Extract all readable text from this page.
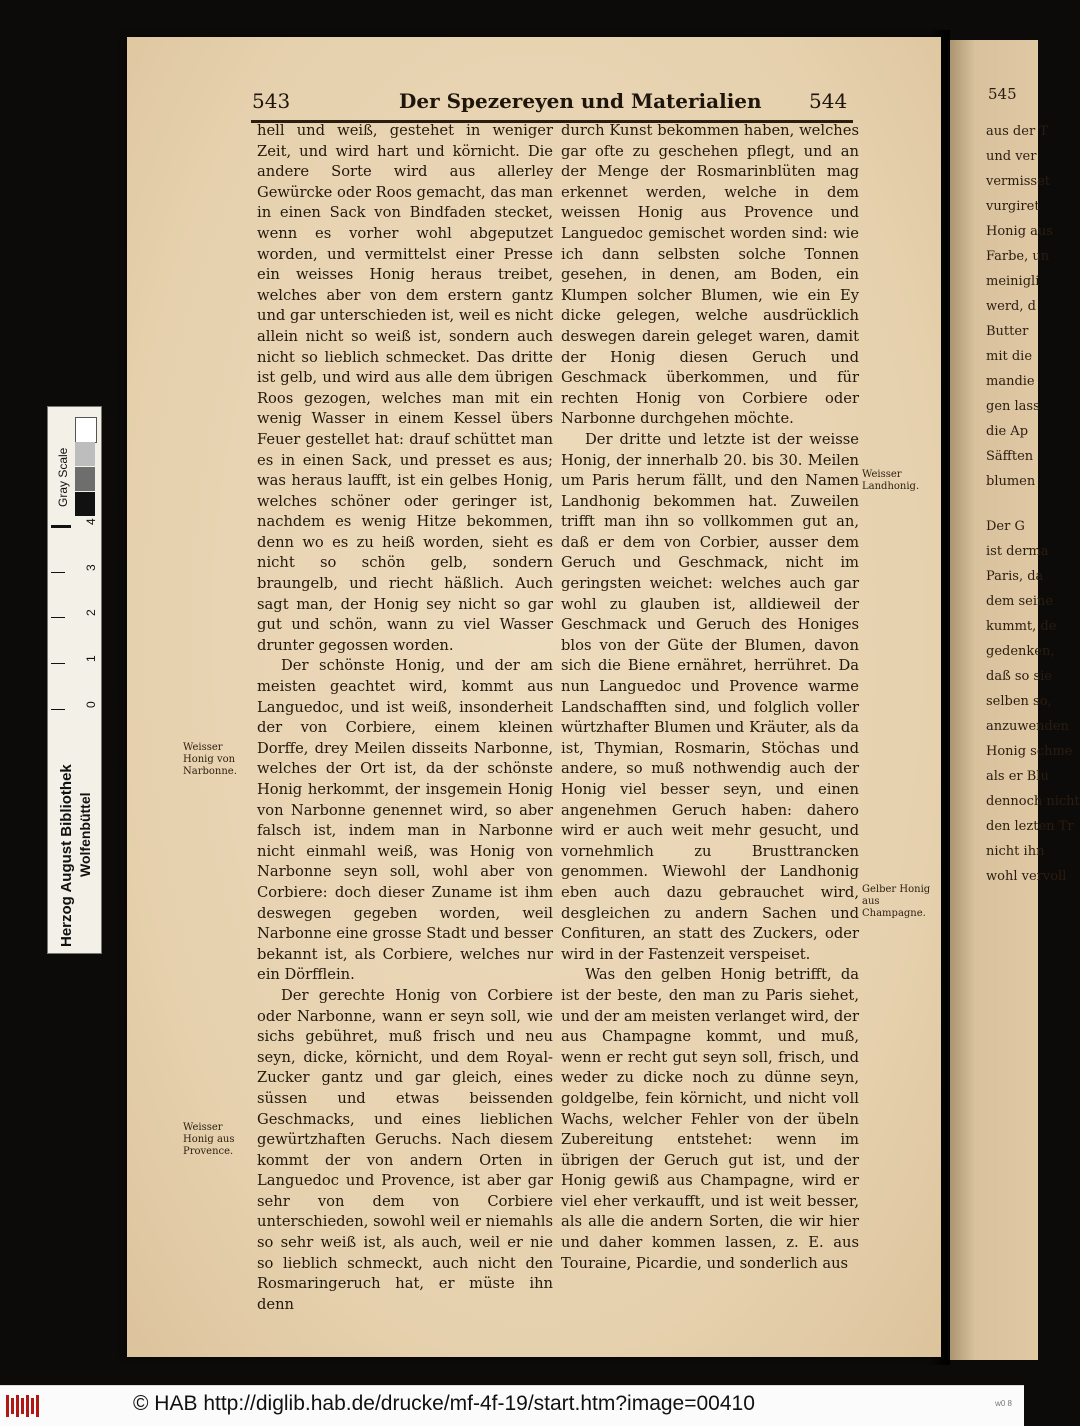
545
aus der T
und ver
vermisset
vurgiret
Honig aus
Farbe, un
meinigli
werd, d
Butter
mit die
mandie
gen lass
die Ap
Säfften
blumen
Der G
ist derma
Paris, da
dem seine
kummt, de
gedenken,
daß so sie
selben so,
anzuwenden
Honig schme
als er Blu
dennoch nicht
den lezten Tr
nicht ihn
wohl vervoll
543	Der Spezereyen und Materialien 544

hell und weiß, gestehet in weniger Zeit, und wird hart und körnicht. Die andere Sorte wird aus allerley Gewürcke oder Roos gemacht, das man in einen Sack von Bindfaden stecket, wenn es vorher wohl abgeputzet worden, und vermittelst einer Presse ein weisses Honig heraus treibet, welches aber von dem erstern gantz und gar unterschieden ist, weil es nicht allein nicht so weiß ist, sondern auch nicht so lieblich schmecket. Das dritte ist gelb, und wird aus alle dem übrigen Roos gezogen, welches man mit ein wenig Wasser in einem Kessel übers Feuer gestellet hat: drauf schüttet man es in einen Sack, und presset es aus; was heraus laufft, ist ein gelbes Honig, welches schöner oder geringer ist, nachdem es wenig Hitze bekommen, denn wo es zu heiß worden, sieht es nicht so schön gelb, sondern braungelb, und riecht häßlich. Auch sagt man, der Honig sey nicht so gar gut und schön, wann zu viel Wasser drunter gegossen worden.

Der schönste Honig, und der am meisten geachtet wird, kommt aus Languedoc, und ist weiß, insonderheit der von Corbiere, einem kleinen Dorffe, drey Meilen disseits Narbonne, welches der Ort ist, da der schönste Honig herkommt, der insgemein Honig von Narbonne genennet wird, so aber falsch ist, indem man in Narbonne nicht einmahl weiß, was Honig von Narbonne seyn soll, wohl aber von Corbiere: doch dieser Zuname ist ihm deswegen gegeben worden, weil Narbonne eine grosse Stadt und besser bekannt ist, als Corbiere, welches nur ein Dörfflein.

Der gerechte Honig von Corbiere oder Narbonne, wann er seyn soll, wie sichs gebühret, muß frisch und neu seyn, dicke, körnicht, und dem Royal-Zucker gantz und gar gleich, eines süssen und etwas beissenden Geschmacks, und eines lieblichen gewürtzhaften Geruchs. Nach diesem kommt der von andern Orten in Languedoc und Provence, ist aber gar sehr von dem von Corbiere unterschieden, sowohl weil er niemahls so sehr weiß ist, als auch, weil er nie so lieblich schmeckt, auch nicht den Rosmaringeruch hat, er müste ihn denn

durch Kunst bekommen haben, welches gar ofte zu geschehen pflegt, und an der Menge der Rosmarinblüten mag erkennet werden, welche in dem weissen Honig aus Provence und Languedoc gemischet worden sind: wie ich dann selbsten solche Tonnen gesehen, in denen, am Boden, ein Klumpen solcher Blumen, wie ein Ey dicke gelegen, welche ausdrücklich deswegen darein geleget waren, damit der Honig diesen Geruch und Geschmack überkommen, und für rechten Honig von Corbiere oder Narbonne durchgehen möchte.

Der dritte und letzte ist der weisse Honig, der innerhalb 20. bis 30. Meilen um Paris herum fällt, und den Namen Landhonig bekommen hat. Zuweilen trifft man ihn so vollkommen gut an, daß er dem von Corbier, ausser dem Geruch und Geschmack, nicht im geringsten weichet: welches auch gar wohl zu glauben ist, alldieweil der Geschmack und Geruch des Honiges blos von der Güte der Blumen, davon sich die Biene ernähret, herrühret. Da nun Languedoc und Provence warme Landschafften sind, und folglich voller würtzhafter Blumen und Kräuter, als da ist, Thymian, Rosmarin, Stöchas und andere, so muß nothwendig auch der Honig viel besser seyn, und einen angenehmen Geruch haben: dahero wird er auch weit mehr gesucht, und vornehmlich zu Brusttrancken genommen. Wiewohl der Landhonig eben auch dazu gebrauchet wird, desgleichen zu andern Sachen und Confituren, an statt des Zuckers, oder wird in der Fastenzeit verspeiset.

Was den gelben Honig betrifft, da ist der beste, den man zu Paris siehet, und der am meisten verlanget wird, der aus Champagne kommt, und muß, wenn er recht gut seyn soll, frisch, und weder zu dicke noch zu dünne seyn, goldgelbe, fein körnicht, und nicht voll Wachs, welcher Fehler von der übeln Zubereitung entstehet: wenn im übrigen der Geruch gut ist, und der Honig gewiß aus Champagne, wird er viel eher verkaufft, und ist weit besser, als alle die andern Sorten, die wir hier und daher kommen lassen, z. E. aus Touraine, Picardie, und sonderlich aus

Weisser Honig von Narbonne.
Weisser Honig aus Provence.
Weisser Landhonig.
Gelber Honig aus Champagne.
Gray Scale
4
3
2
1
0
Herzog August Bibliothek Wolfenbüttel
© HAB http://diglib.hab.de/drucke/mf-4f-19/start.htm?image=00410	w0 8
